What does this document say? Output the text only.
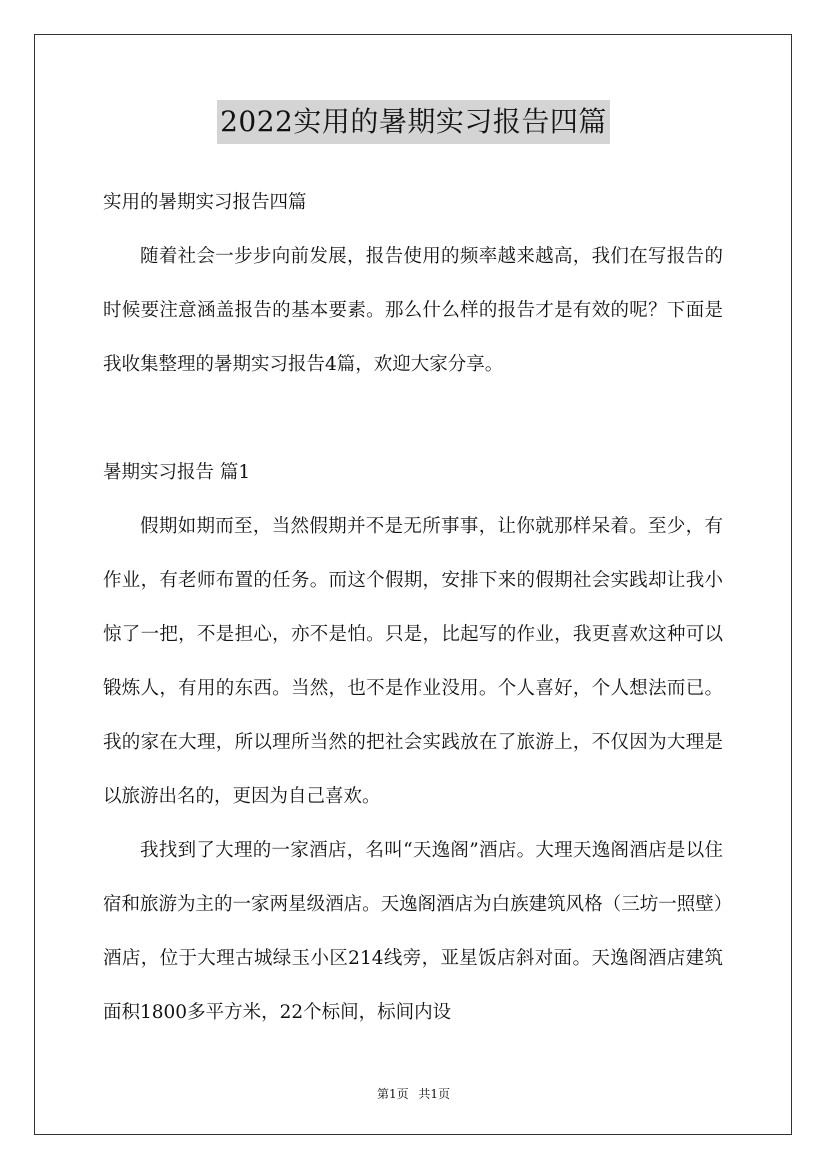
2022实用的暑期实习报告四篇

实用的暑期实习报告四篇

随着社会一步步向前发展，报告使用的频率越来越高，我们在写报告的时候要注意涵盖报告的基本要素。那么什么样的报告才是有效的呢？下面是我收集整理的暑期实习报告4篇，欢迎大家分享。

暑期实习报告 篇1

假期如期而至，当然假期并不是无所事事，让你就那样呆着。至少，有作业，有老师布置的任务。而这个假期，安排下来的假期社会实践却让我小惊了一把，不是担心，亦不是怕。只是，比起写的作业，我更喜欢这种可以锻炼人，有用的东西。当然，也不是作业没用。个人喜好，个人想法而已。我的家在大理，所以理所当然的把社会实践放在了旅游上，不仅因为大理是以旅游出名的，更因为自己喜欢。

我找到了大理的一家酒店，名叫“天逸阁”酒店。大理天逸阁酒店是以住宿和旅游为主的一家两星级酒店。天逸阁酒店为白族建筑风格（三坊一照壁）酒店，位于大理古城绿玉小区214线旁，亚星饭店斜对面。天逸阁酒店建筑面积1800多平方米，22个标间，标间内设

第1页 共1页
